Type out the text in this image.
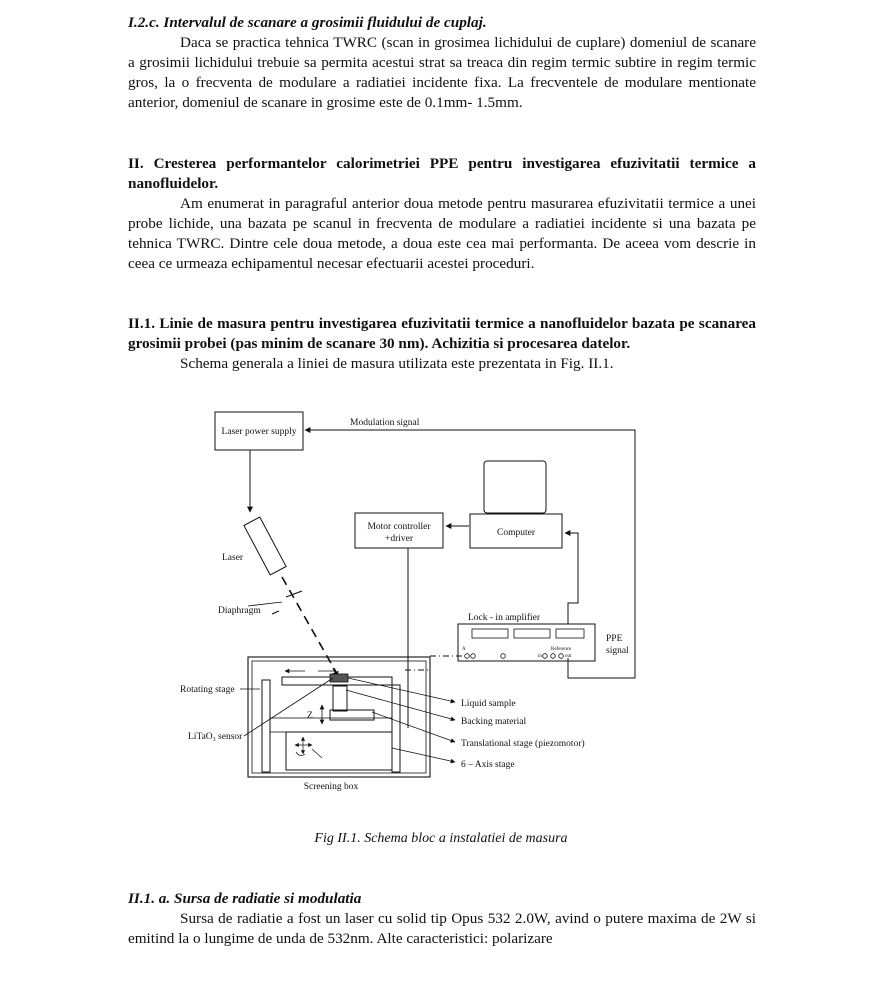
I.2.c. Intervalul de scanare a grosimii fluidului de cuplaj.
Daca se practica tehnica TWRC (scan in grosimea lichidului de cuplare) domeniul de scanare a grosimii lichidului trebuie sa permita acestui strat sa treaca din regim termic subtire in regim termic gros, la o frecventa de modulare a radiatiei incidente fixa. La frecventele de modulare mentionate anterior, domeniul de scanare in grosime este de 0.1mm- 1.5mm.
II. Cresterea performantelor calorimetriei PPE pentru investigarea efuzivitatii termice a nanofluidelor.
Am enumerat in paragraful anterior doua metode pentru masurarea efuzivitatii termice a unei probe lichide, una bazata pe scanul in frecventa de modulare a radiatiei incidente si una bazata pe tehnica TWRC. Dintre cele doua metode, a doua este cea mai performanta. De aceea vom descrie in ceea ce urmeaza echipamentul necesar efectuarii acestei proceduri.
II.1. Linie de masura pentru investigarea efuzivitatii termice a nanofluidelor bazata pe scanarea grosimii probei (pas minim de scanare 30 nm). Achizitia si procesarea datelor.
Schema generala a liniei de masura utilizata este prezentata in Fig. II.1.
Laser power supply
Modulation signal
Laser
Diaphragm
Computer
Motor controller
+driver
Lock - in amplifier
A	Reference
in	out
PPE
signal
Screening box
Rotating stage
Z
LiTaO$_3$ sensor
Liquid sample
Backing material
Translational stage (piezomotor)
6 – Axis stage
Fig II.1. Schema bloc a instalatiei de masura
II.1. a. Sursa de radiatie si modulatia
Sursa de radiatie a fost un laser cu solid tip Opus 532 2.0W, avind o putere maxima de 2W si emitind la o lungime de unda de 532nm. Alte caracteristici: polarizare
